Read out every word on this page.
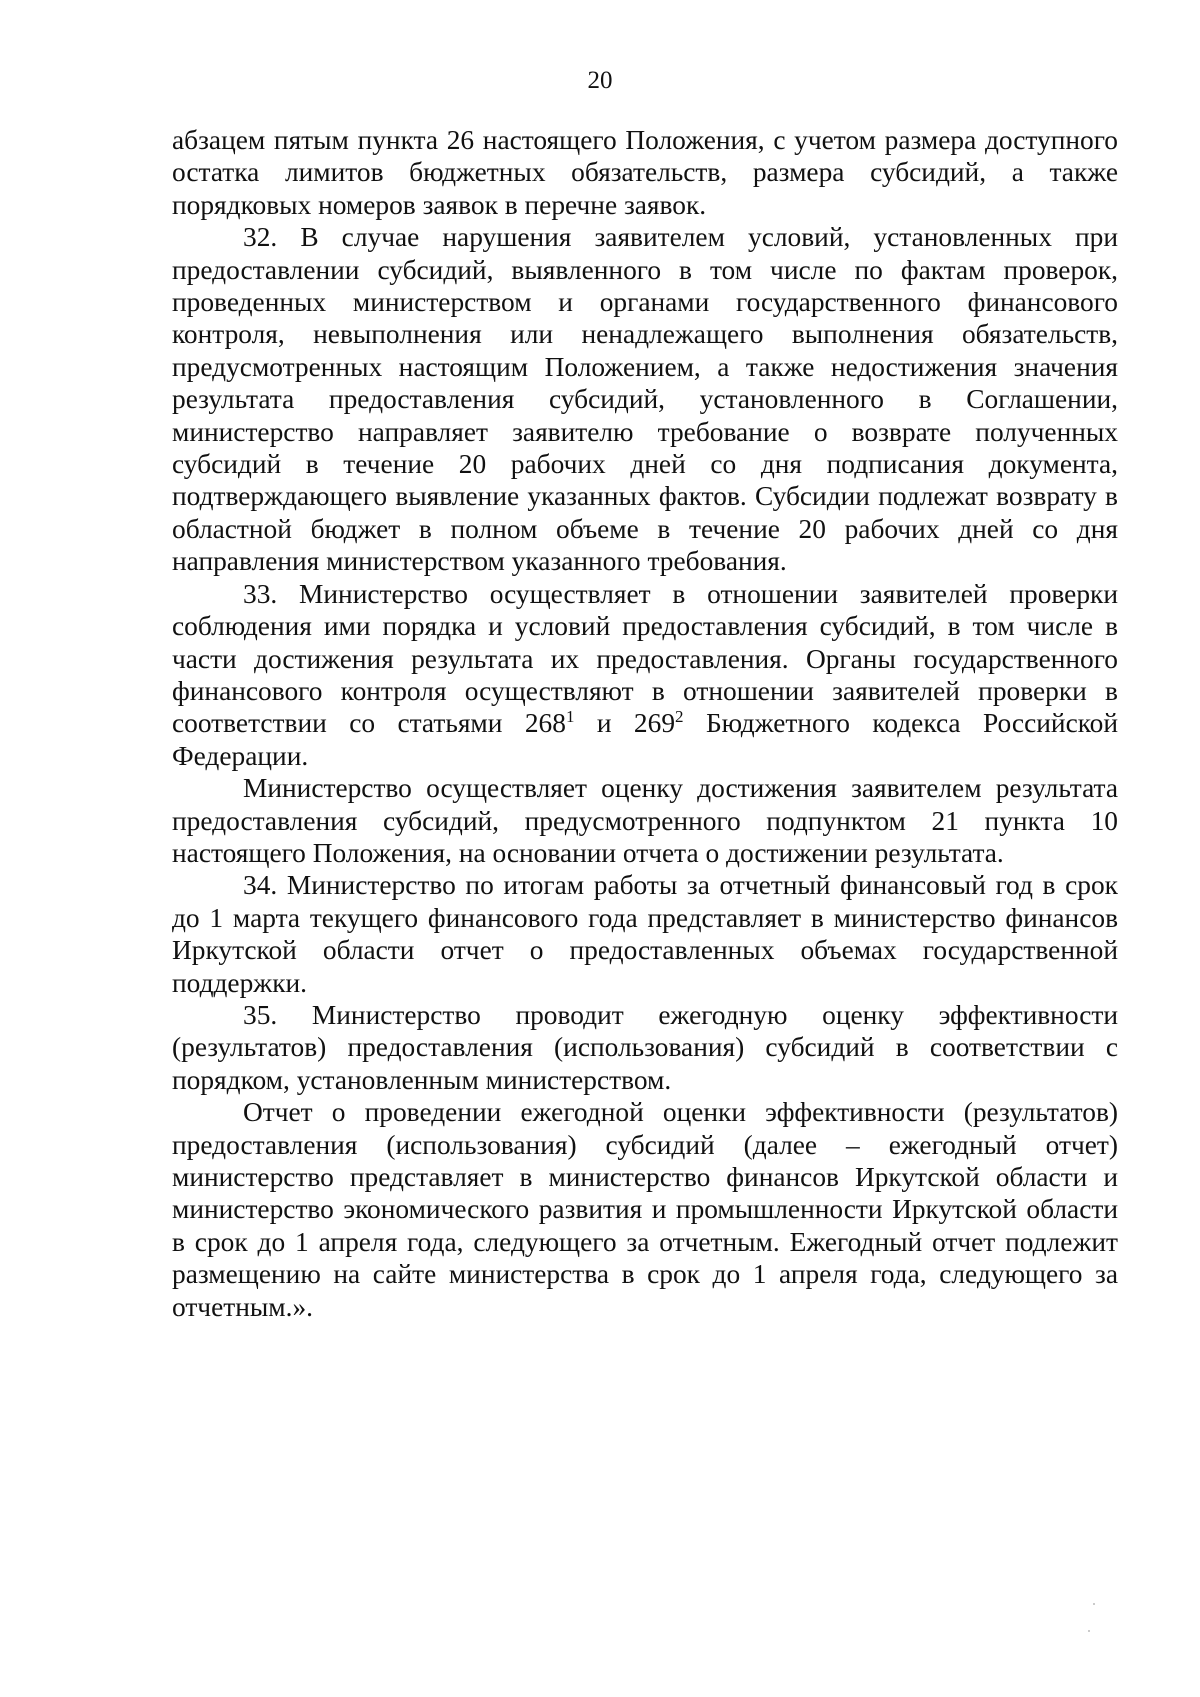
20

абзацем пятым пункта 26 настоящего Положения, с учетом размера доступного остатка лимитов бюджетных обязательств, размера субсидий, а также порядковых номеров заявок в перечне заявок.

32. В случае нарушения заявителем условий, установленных при предоставлении субсидий, выявленного в том числе по фактам проверок, проведенных министерством и органами государственного финансового контроля, невыполнения или ненадлежащего выполнения обязательств, предусмотренных настоящим Положением, а также недостижения значения результата предоставления субсидий, установленного в Соглашении, министерство направляет заявителю требование о возврате полученных субсидий в течение 20 рабочих дней со дня подписания документа, подтверждающего выявление указанных фактов. Субсидии подлежат возврату в областной бюджет в полном объеме в течение 20 рабочих дней со дня направления министерством указанного требования.

33. Министерство осуществляет в отношении заявителей проверки соблюдения ими порядка и условий предоставления субсидий, в том числе в части достижения результата их предоставления. Органы государственного финансового контроля осуществляют в отношении заявителей проверки в соответствии со статьями $268^1$ и $269^2$ Бюджетного кодекса Российской Федерации.

Министерство осуществляет оценку достижения заявителем результата предоставления субсидий, предусмотренного подпунктом 21 пункта 10 настоящего Положения, на основании отчета о достижении результата.

34. Министерство по итогам работы за отчетный финансовый год в срок до 1 марта текущего финансового года представляет в министерство финансов Иркутской области отчет о предоставленных объемах государственной поддержки.

35. Министерство проводит ежегодную оценку эффективности (результатов) предоставления (использования) субсидий в соответствии с порядком, установленным министерством.

Отчет о проведении ежегодной оценки эффективности (результатов) предоставления (использования) субсидий (далее – ежегодный отчет) министерство представляет в министерство финансов Иркутской области и министерство экономического развития и промышленности Иркутской области в срок до 1 апреля года, следующего за отчетным. Ежегодный отчет подлежит размещению на сайте министерства в срок до 1 апреля года, следующего за отчетным.».
